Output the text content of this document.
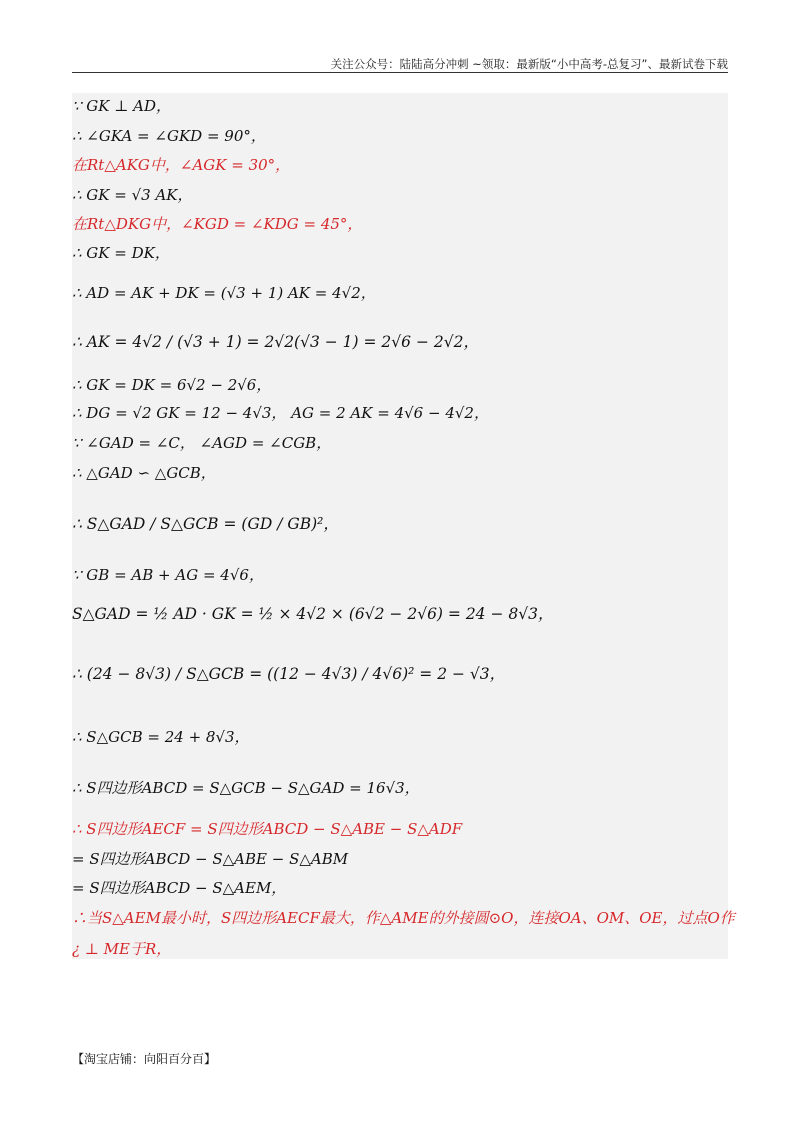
关注公众号：陆陆高分冲刺 ~领取：最新版“小中高考-总复习”、最新试卷下载
∵ GK ⊥ AD，
∴ ∠GKA = ∠GKD = 90°，
在Rt△AKG中，∠AGK = 30°，
∴ GK = √3 AK，
在Rt△DKG中，∠KGD = ∠KDG = 45°，
∴ GK = DK，
∴ AD = AK + DK = (√3 + 1) AK = 4√2，
∴ AK = 4√2 / (√3 + 1) = 2√2(√3 − 1) = 2√6 − 2√2，
∴ GK = DK = 6√2 − 2√6，
∴ DG = √2 GK = 12 − 4√3， AG = 2 AK = 4√6 − 4√2，
∵ ∠GAD = ∠C， ∠AGD = ∠CGB，
∴ △GAD ∽ △GCB，
∴ S△GAD / S△GCB = (GD / GB)²，
∵ GB = AB + AG = 4√6，
S△GAD = ½ AD · GK = ½ × 4√2 × (6√2 − 2√6) = 24 − 8√3，
∴ (24 − 8√3) / S△GCB = ((12 − 4√3) / 4√6)² = 2 − √3，
∴ S△GCB = 24 + 8√3，
∴ S四边形ABCD = S△GCB − S△GAD = 16√3，
∴ S四边形AECF = S四边形ABCD − S△ABE − S△ADF
= S四边形ABCD − S△ABE − S△ABM
= S四边形ABCD − S△AEM，
∴当S△AEM最小时，S四边形AECF最大，作△AME的外接圆⊙O，连接OA、OM、OE，过点O作
¿ ⊥ ME于R，
【淘宝店铺：向阳百分百】
